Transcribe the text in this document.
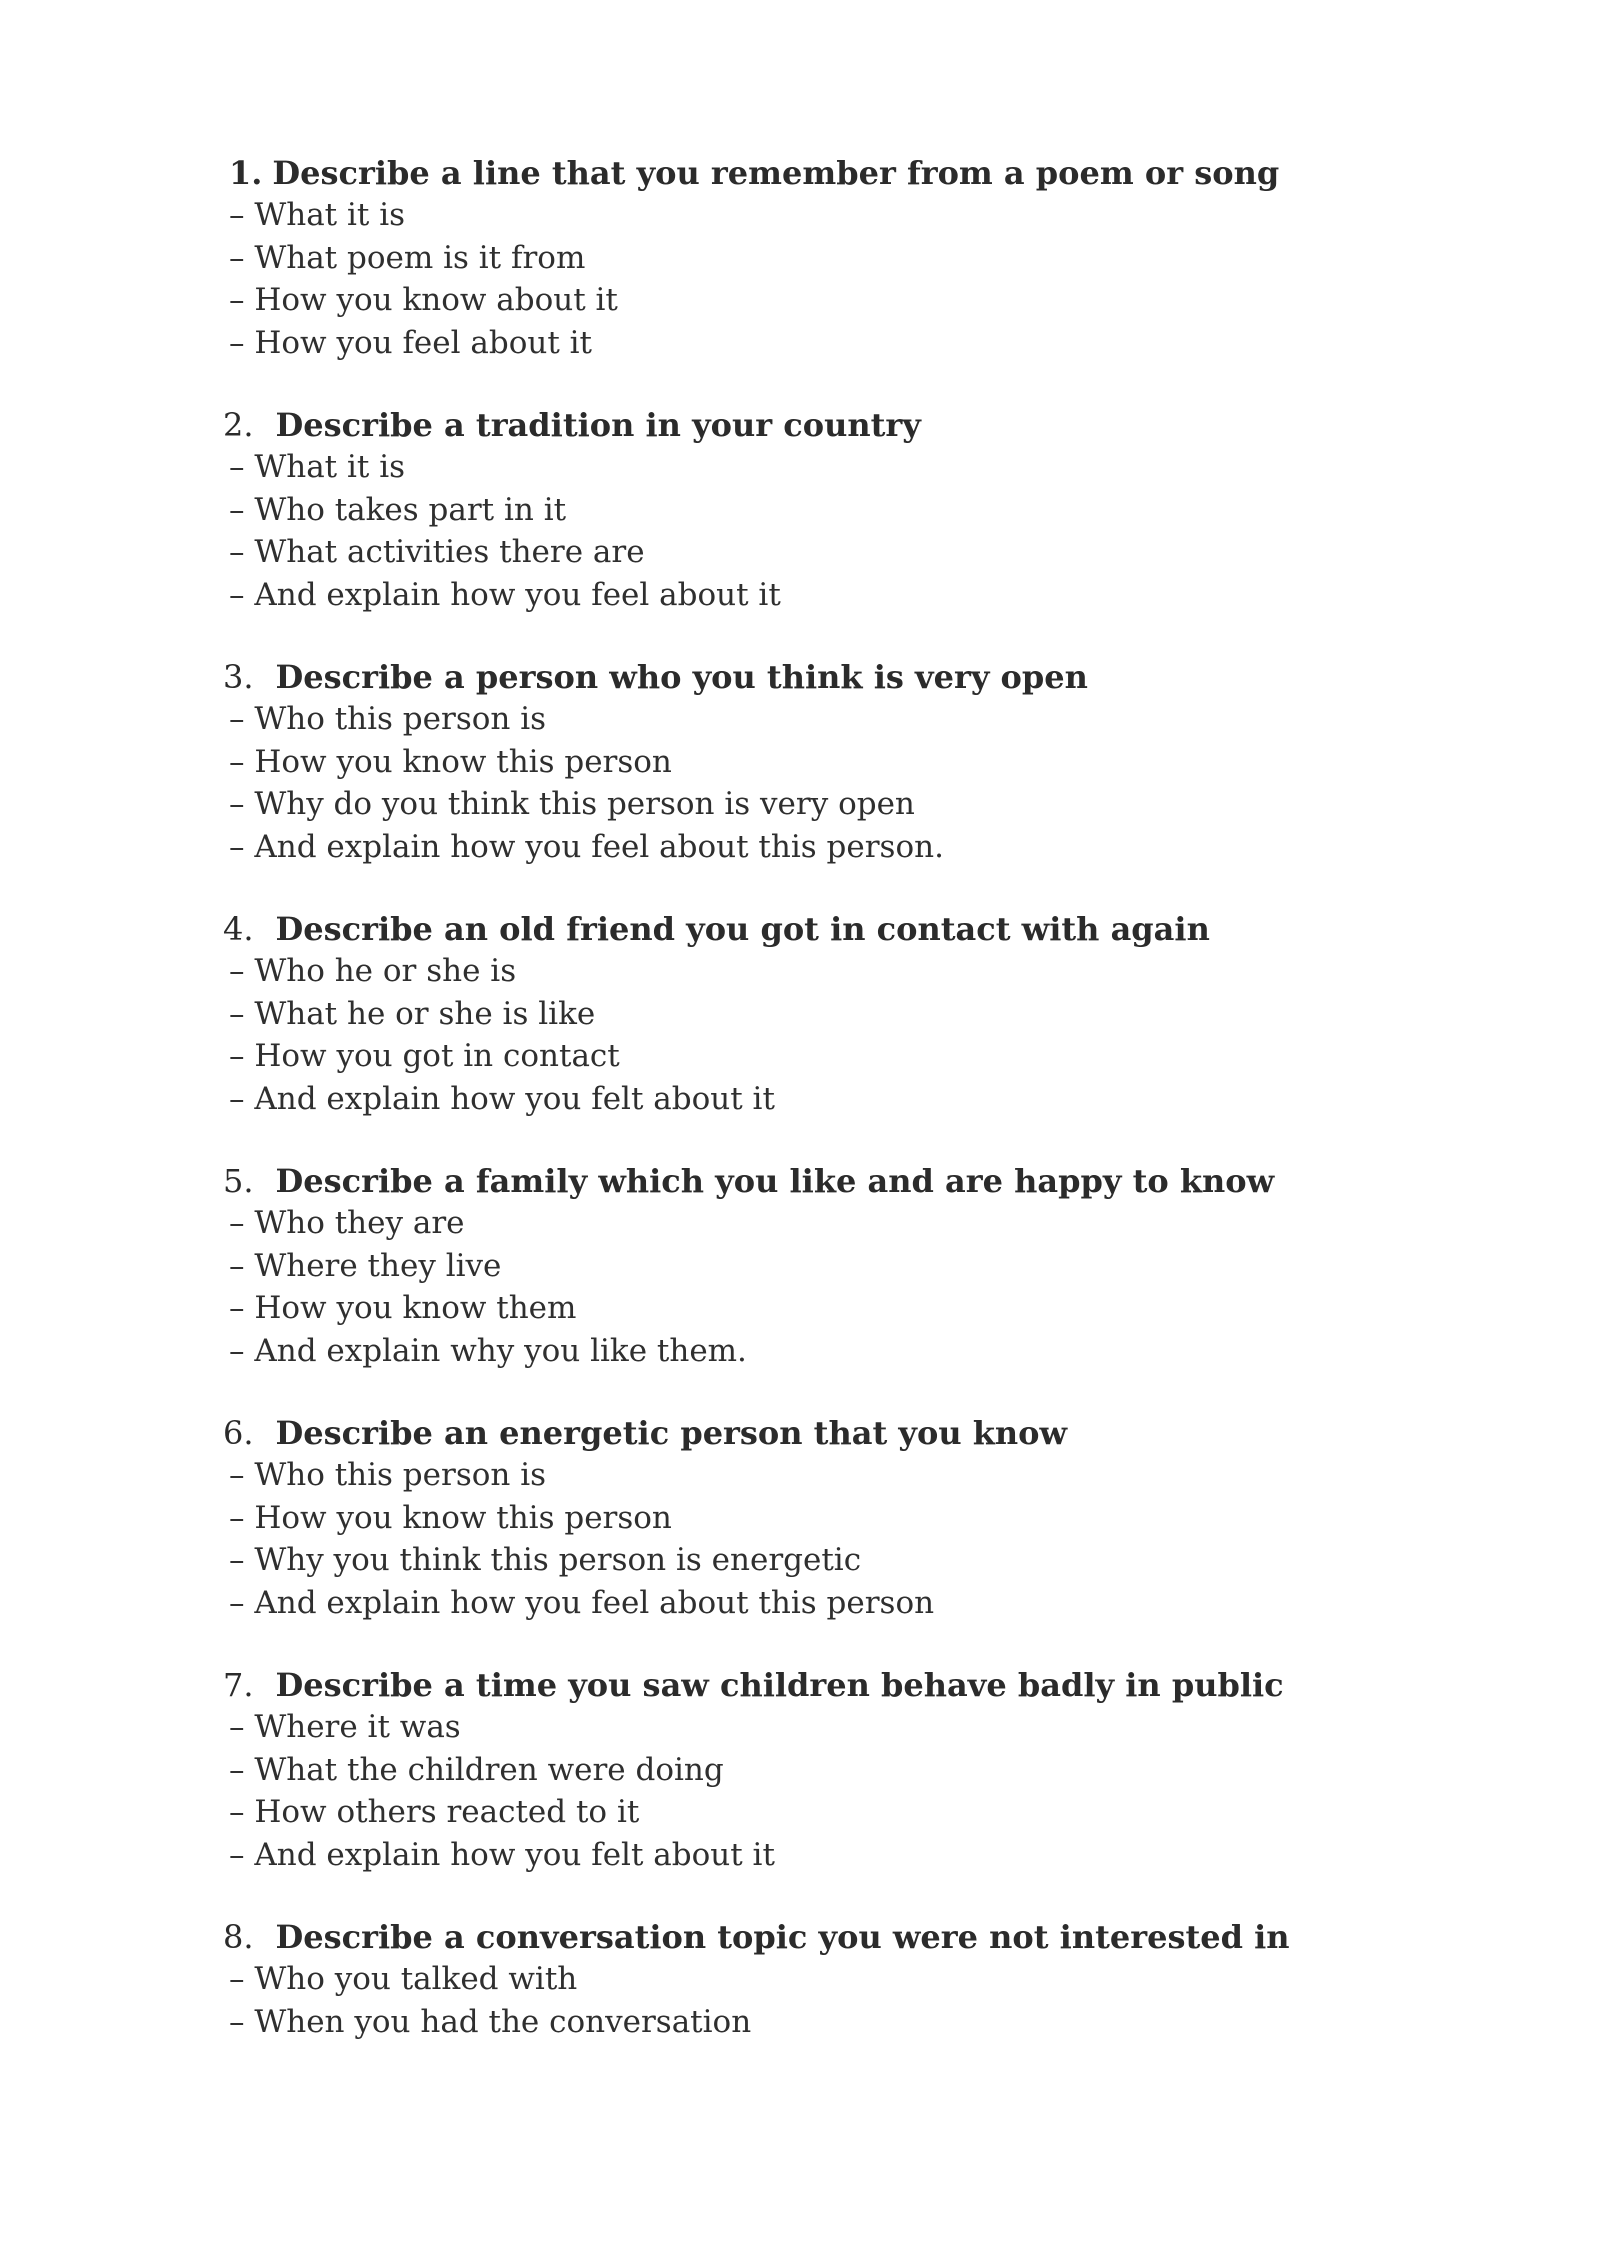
1. Describe a line that you remember from a poem or song
– What it is
– What poem is it from
– How you know about it
– How you feel about it
2. Describe a tradition in your country
– What it is
– Who takes part in it
– What activities there are
– And explain how you feel about it
3. Describe a person who you think is very open
– Who this person is
– How you know this person
– Why do you think this person is very open
– And explain how you feel about this person.
4. Describe an old friend you got in contact with again
– Who he or she is
– What he or she is like
– How you got in contact
– And explain how you felt about it
5. Describe a family which you like and are happy to know
– Who they are
– Where they live
– How you know them
– And explain why you like them.
6. Describe an energetic person that you know
– Who this person is
– How you know this person
– Why you think this person is energetic
– And explain how you feel about this person
7. Describe a time you saw children behave badly in public
– Where it was
– What the children were doing
– How others reacted to it
– And explain how you felt about it
8. Describe a conversation topic you were not interested in
– Who you talked with
– When you had the conversation
